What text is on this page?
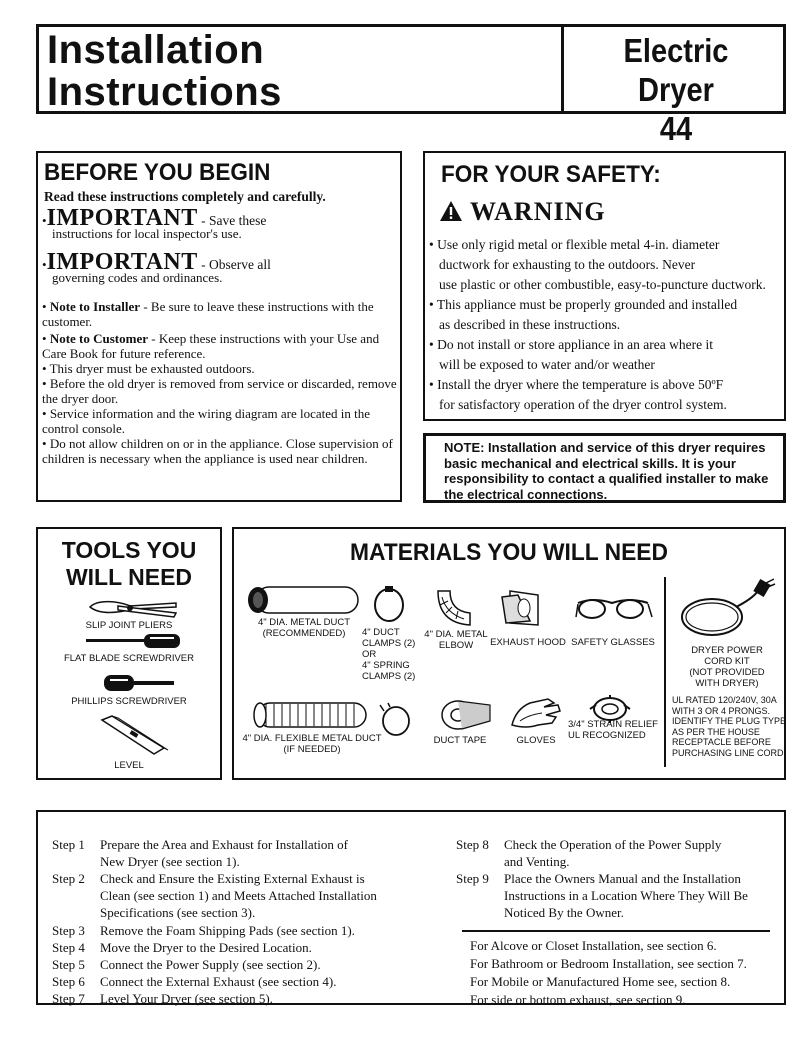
Installation
Instructions
Electric Dryer
44
BEFORE YOU BEGIN
Read these instructions completely and carefully.
•IMPORTANT - Save these
instructions for local inspector's use.
•IMPORTANT - Observe all
governing codes and ordinances.
• Note to Installer - Be sure to leave these instructions with the customer.
• Note to Customer - Keep these instructions with your Use and Care Book for future reference.
• This dryer must be exhausted outdoors.
• Before the old dryer is removed from service or discarded, remove the dryer door.
• Service information and the wiring diagram are located in the control console.
• Do not allow children on or in the appliance. Close supervision of children is necessary when the appliance is used near children.
FOR YOUR SAFETY:
WARNING
• Use only rigid metal or flexible metal 4-in. diameter
ductwork for exhausting to the outdoors. Never
use plastic or other combustible, easy-to-puncture ductwork.
• This appliance must be properly grounded and installed
as described in these instructions.
• Do not install or store appliance in an area where it
will be exposed to water and/or weather
• Install the dryer where the temperature is above 50ºF
for satisfactory operation of the dryer control system.
NOTE: Installation and service of this dryer requires basic mechanical and electrical skills. It is your responsibility to contact a qualified installer to make the electrical connections.
TOOLS YOU
WILL NEED
SLIP JOINT PLIERS
FLAT BLADE SCREWDRIVER
PHILLIPS SCREWDRIVER
LEVEL
MATERIALS YOU WILL NEED
4" DIA. METAL DUCT
(RECOMMENDED)	4" DUCT
CLAMPS (2)
OR
4" SPRING
CLAMPS (2)
4" DIA. METAL
ELBOW	EXHAUST HOOD SAFETY GLASSES
DRYER POWER
CORD KIT
(NOT PROVIDED
WITH DRYER)
UL RATED 120/240V, 30A
WITH 3 OR 4 PRONGS.
IDENTIFY THE PLUG TYPE
AS PER THE HOUSE
RECEPTACLE BEFORE
PURCHASING LINE CORD.
4" DIA. FLEXIBLE METAL DUCT
(IF NEEDED)
DUCT TAPE	GLOVES
3/4" STRAIN RELIEF
UL RECOGNIZED
Step 1 Prepare the Area and Exhaust for Installation of
New Dryer (see section 1).
Step 2 Check and Ensure the Existing External Exhaust is
Clean (see section 1) and Meets Attached Installation
Specifications (see section 3).
Step 3 Remove the Foam Shipping Pads (see section 1).
Step 4 Move the Dryer to the Desired Location.
Step 5 Connect the Power Supply (see section 2).
Step 6 Connect the External Exhaust (see section 4).
Step 7 Level Your Dryer (see section 5).
Step 8 Check the Operation of the Power Supply
and Venting.
Step 9 Place the Owners Manual and the Installation
Instructions in a Location Where They Will Be
Noticed By the Owner.
For Alcove or Closet Installation, see section 6.
For Bathroom or Bedroom Installation, see section 7.
For Mobile or Manufactured Home see, section 8.
For side or bottom exhaust, see section 9.
